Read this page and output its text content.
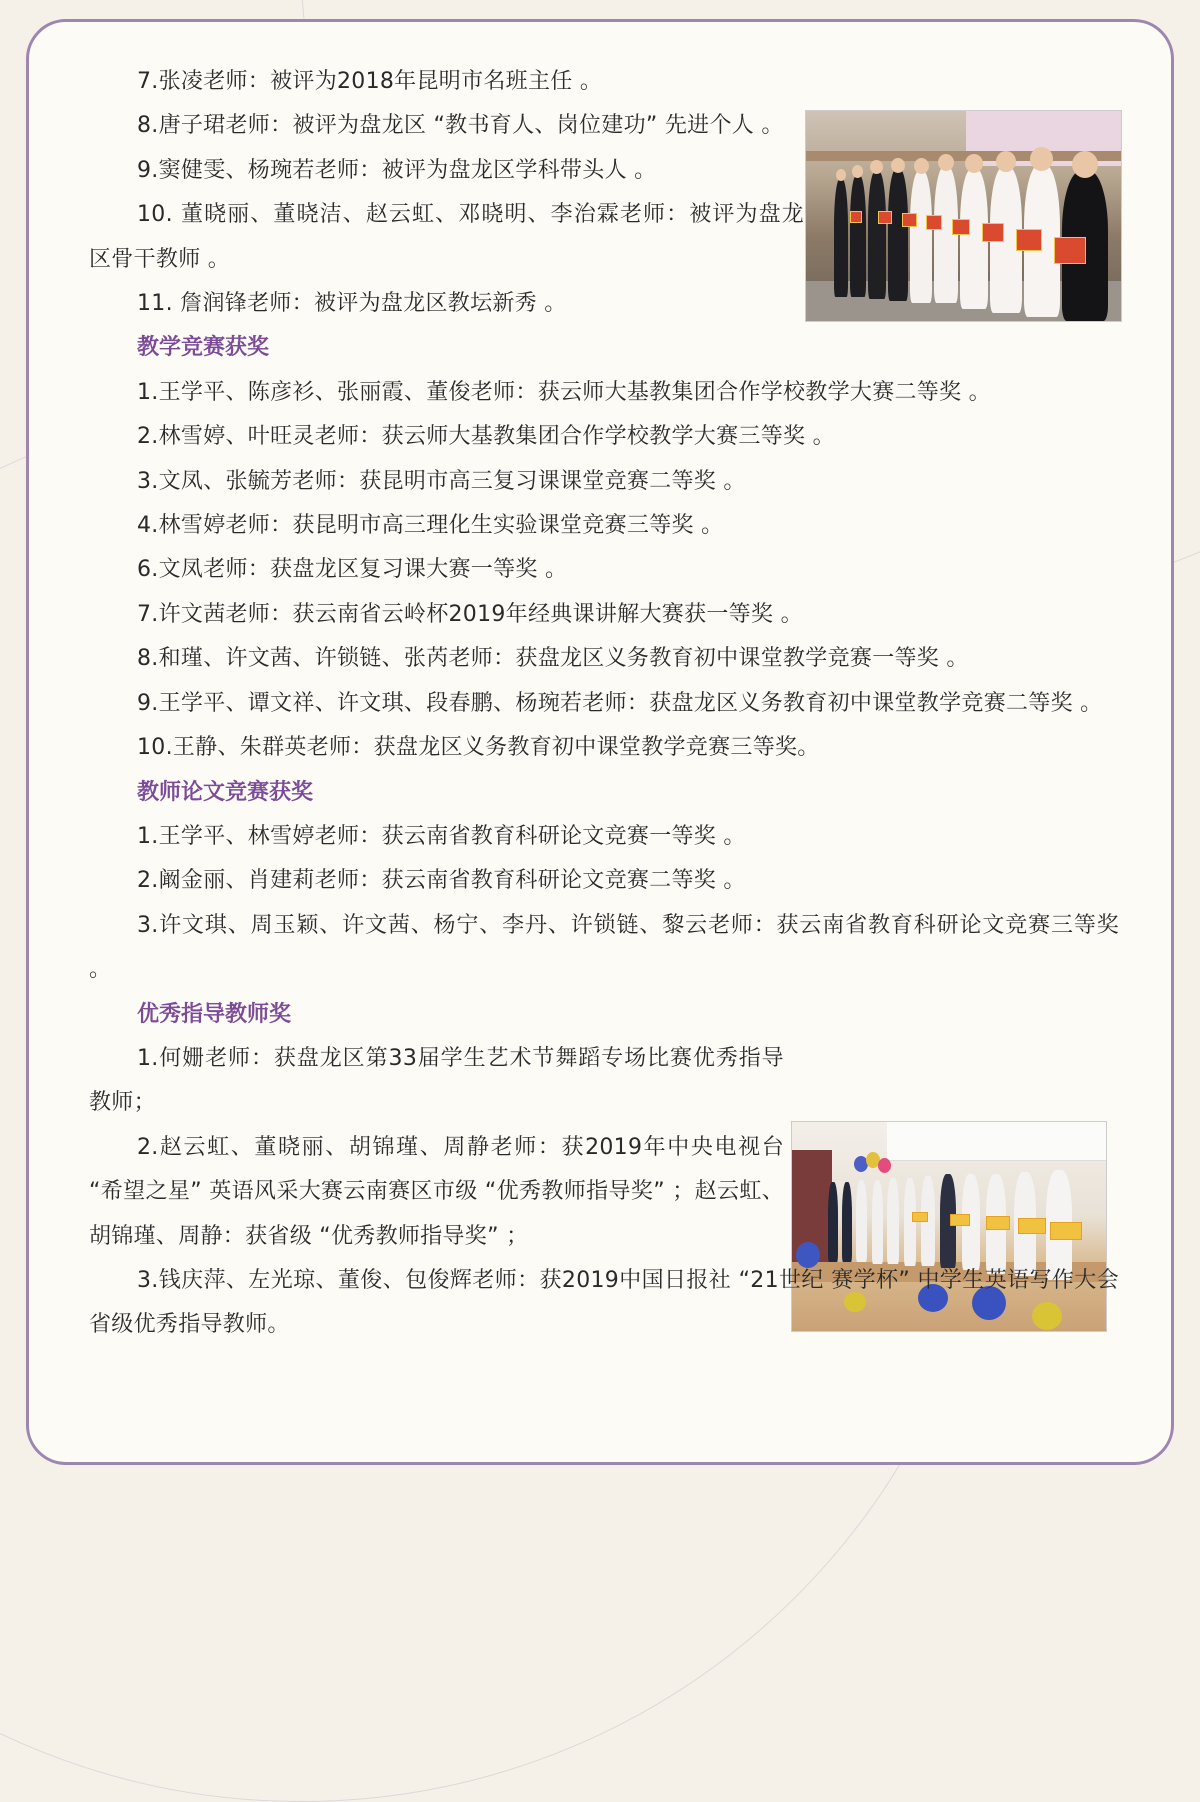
7.张凌老师：被评为2018年昆明市名班主任 。

8.唐子珺老师：被评为盘龙区 “教书育人、岗位建功” 先进个人 。

9.窦健雯、杨琬若老师：被评为盘龙区学科带头人 。

10. 董晓丽、董晓洁、赵云虹、邓晓明、李治霖老师：被评为盘龙区骨干教师 。

11. 詹润锋老师：被评为盘龙区教坛新秀 。

教学竞赛获奖

1.王学平、陈彦衫、张丽霞、董俊老师：获云师大基教集团合作学校教学大赛二等奖 。

2.林雪婷、叶旺灵老师：获云师大基教集团合作学校教学大赛三等奖 。

3.文凤、张毓芳老师：获昆明市高三复习课课堂竞赛二等奖 。

4.林雪婷老师：获昆明市高三理化生实验课堂竞赛三等奖 。

6.文凤老师：获盘龙区复习课大赛一等奖 。

7.许文茜老师：获云南省云岭杯2019年经典课讲解大赛获一等奖 。

8.和瑾、许文茜、许锁链、张芮老师：获盘龙区义务教育初中课堂教学竞赛一等奖 。

9.王学平、谭文祥、许文琪、段春鹏、杨琬若老师：获盘龙区义务教育初中课堂教学竞赛二等奖 。

10.王静、朱群英老师：获盘龙区义务教育初中课堂教学竞赛三等奖。

教师论文竞赛获奖

1.王学平、林雪婷老师：获云南省教育科研论文竞赛一等奖 。

2.阚金丽、肖建莉老师：获云南省教育科研论文竞赛二等奖 。

3.许文琪、周玉颖、许文茜、杨宁、李丹、许锁链、黎云老师：获云南省教育科研论文竞赛三等奖 。

优秀指导教师奖

1.何姗老师：获盘龙区第33届学生艺术节舞蹈专场比赛优秀指导教师；

2.赵云虹、董晓丽、胡锦瑾、周静老师：获2019年中央电视台 “希望之星” 英语风采大赛云南赛区市级 “优秀教师指导奖” ；赵云虹、胡锦瑾、周静：获省级 “优秀教师指导奖” ；

3.钱庆萍、左光琼、董俊、包俊辉老师：获2019中国日报社 “21世纪 赛学杯” 中学生英语写作大会省级优秀指导教师。
